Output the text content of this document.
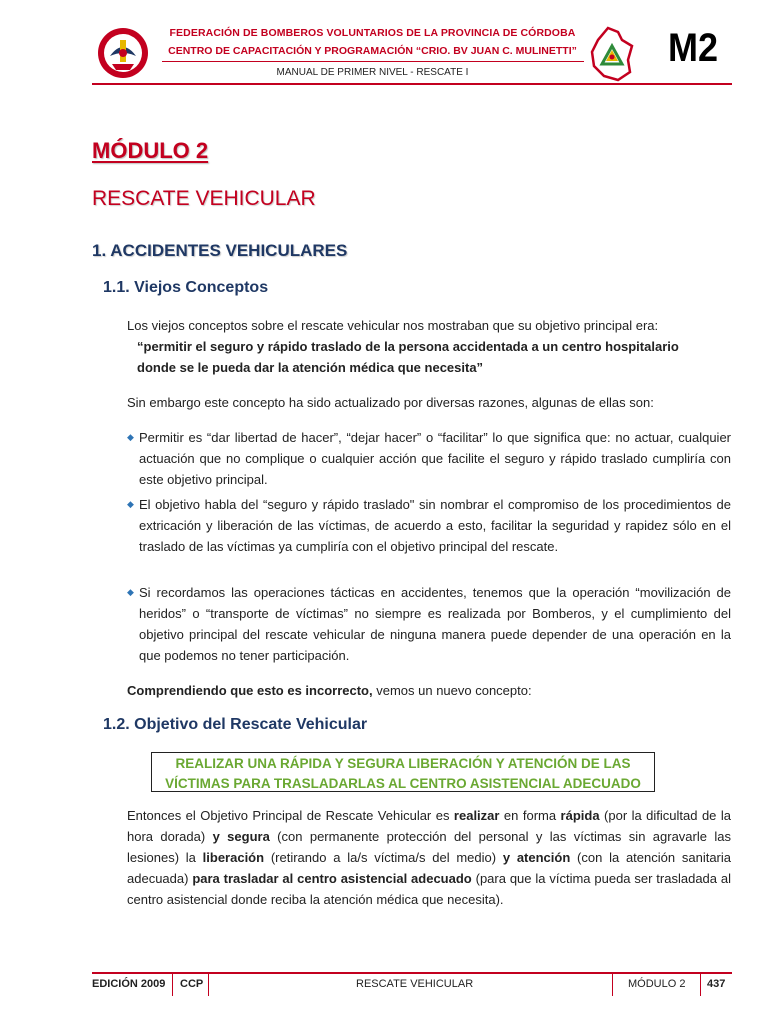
FEDERACIÓN DE BOMBEROS VOLUNTARIOS DE LA PROVINCIA DE CÓRDOBA
CENTRO DE CAPACITACIÓN Y PROGRAMACIÓN “CRIO. BV JUAN C. MULINETTI”
MANUAL DE PRIMER NIVEL - RESCATE I
M2
MÓDULO 2
RESCATE VEHICULAR
1. ACCIDENTES VEHICULARES
1.1. Viejos Conceptos
Los viejos conceptos sobre el rescate vehicular nos mostraban que su objetivo principal era:
“permitir el seguro y rápido traslado de la persona accidentada a un centro hospitalario
donde se le pueda dar la atención médica que necesita”
Sin embargo este concepto ha sido actualizado por diversas razones, algunas de ellas son:
◆ Permitir es “dar libertad de hacer”, “dejar hacer” o “facilitar” lo que significa que: no actuar, cualquier actuación que no complique o cualquier acción que facilite el seguro y rápido traslado cumpliría con este objetivo principal.
◆ El objetivo habla del “seguro y rápido traslado" sin nombrar el compromiso de los procedimientos de extricación y liberación de las víctimas, de acuerdo a esto, facilitar la seguridad y rapidez sólo en el traslado de las víctimas ya cumpliría con el objetivo principal del rescate.
◆ Si recordamos las operaciones tácticas en accidentes, tenemos que la operación “movilización de heridos” o “transporte de víctimas” no siempre es realizada por Bomberos, y el cumplimiento del objetivo principal del rescate vehicular de ninguna manera puede depender de una operación en la que podemos no tener participación.
Comprendiendo que esto es incorrecto, vemos un nuevo concepto:
1.2. Objetivo del Rescate Vehicular
REALIZAR UNA RÁPIDA Y SEGURA LIBERACIÓN Y ATENCIÓN DE LAS
VÍCTIMAS PARA TRASLADARLAS AL CENTRO ASISTENCIAL ADECUADO
Entonces el Objetivo Principal de Rescate Vehicular es realizar en forma rápida (por la dificultad de la hora dorada) y segura (con permanente protección del personal y las víctimas sin agravarle las lesiones) la liberación (retirando a la/s víctima/s del medio) y atención (con la atención sanitaria adecuada) para trasladar al centro asistencial adecuado (para que la víctima pueda ser trasladada al centro asistencial donde reciba la atención médica que necesita).
EDICIÓN 2009 CCP	RESCATE VEHICULAR	MÓDULO 2 437
